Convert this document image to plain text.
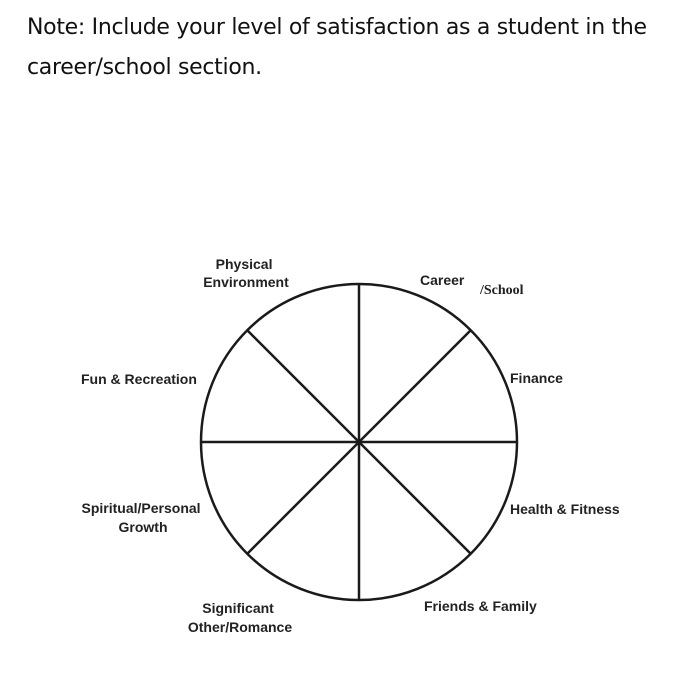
Note: Include your level of satisfaction as a student in the
career/school section.
Physical Environment	Career
/School
Finance
Health & Fitness
Friends & Family
Significant Other/Romance
Spiritual/Personal Growth
Fun & Recreation
